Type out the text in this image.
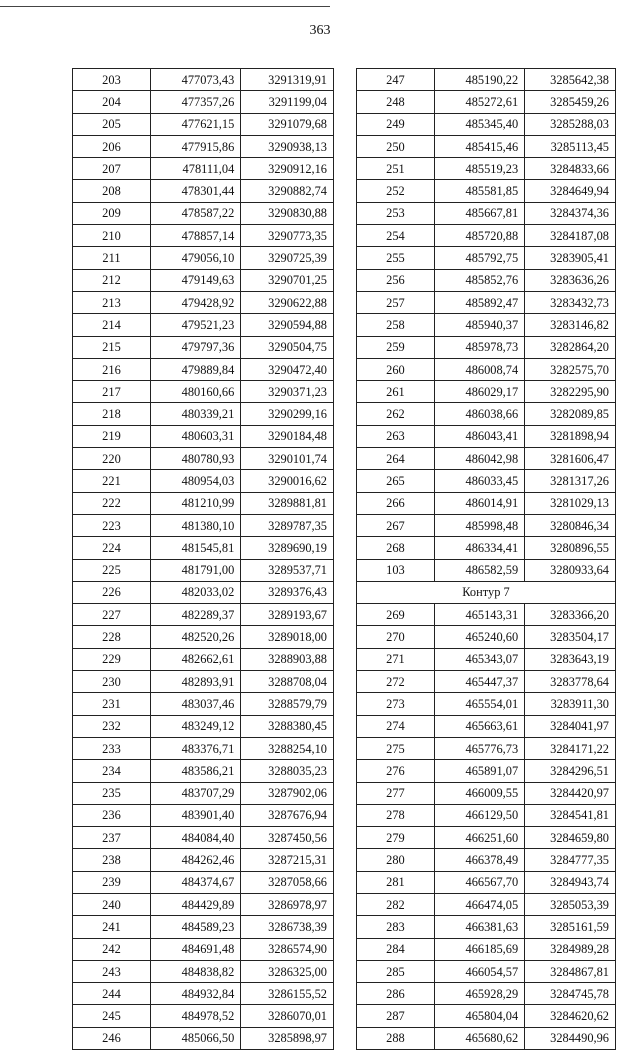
363
203	477073,43	3291319,91
204	477357,26	3291199,04
205	477621,15	3291079,68
206	477915,86	3290938,13
207	478111,04	3290912,16
208	478301,44	3290882,74
209	478587,22	3290830,88
210	478857,14	3290773,35
211	479056,10	3290725,39
212	479149,63	3290701,25
213	479428,92	3290622,88
214	479521,23	3290594,88
215	479797,36	3290504,75
216	479889,84	3290472,40
217	480160,66	3290371,23
218	480339,21	3290299,16
219	480603,31	3290184,48
220	480780,93	3290101,74
221	480954,03	3290016,62
222	481210,99	3289881,81
223	481380,10	3289787,35
224	481545,81	3289690,19
225	481791,00	3289537,71
226	482033,02	3289376,43
227	482289,37	3289193,67
228	482520,26	3289018,00
229	482662,61	3288903,88
230	482893,91	3288708,04
231	483037,46	3288579,79
232	483249,12	3288380,45
233	483376,71	3288254,10
234	483586,21	3288035,23
235	483707,29	3287902,06
236	483901,40	3287676,94
237	484084,40	3287450,56
238	484262,46	3287215,31
239	484374,67	3287058,66
240	484429,89	3286978,97
241	484589,23	3286738,39
242	484691,48	3286574,90
243	484838,82	3286325,00
244	484932,84	3286155,52
245	484978,52	3286070,01
246	485066,50	3285898,97
247	485190,22	3285642,38
248	485272,61	3285459,26
249	485345,40	3285288,03
250	485415,46	3285113,45
251	485519,23	3284833,66
252	485581,85	3284649,94
253	485667,81	3284374,36
254	485720,88	3284187,08
255	485792,75	3283905,41
256	485852,76	3283636,26
257	485892,47	3283432,73
258	485940,37	3283146,82
259	485978,73	3282864,20
260	486008,74	3282575,70
261	486029,17	3282295,90
262	486038,66	3282089,85
263	486043,41	3281898,94
264	486042,98	3281606,47
265	486033,45	3281317,26
266	486014,91	3281029,13
267	485998,48	3280846,34
268	486334,41	3280896,55
103	486582,59	3280933,64
Контур 7		
269	465143,31	3283366,20
270	465240,60	3283504,17
271	465343,07	3283643,19
272	465447,37	3283778,64
273	465554,01	3283911,30
274	465663,61	3284041,97
275	465776,73	3284171,22
276	465891,07	3284296,51
277	466009,55	3284420,97
278	466129,50	3284541,81
279	466251,60	3284659,80
280	466378,49	3284777,35
281	466567,70	3284943,74
282	466474,05	3285053,39
283	466381,63	3285161,59
284	466185,69	3284989,28
285	466054,57	3284867,81
286	465928,29	3284745,78
287	465804,04	3284620,62
288	465680,62	3284490,96
